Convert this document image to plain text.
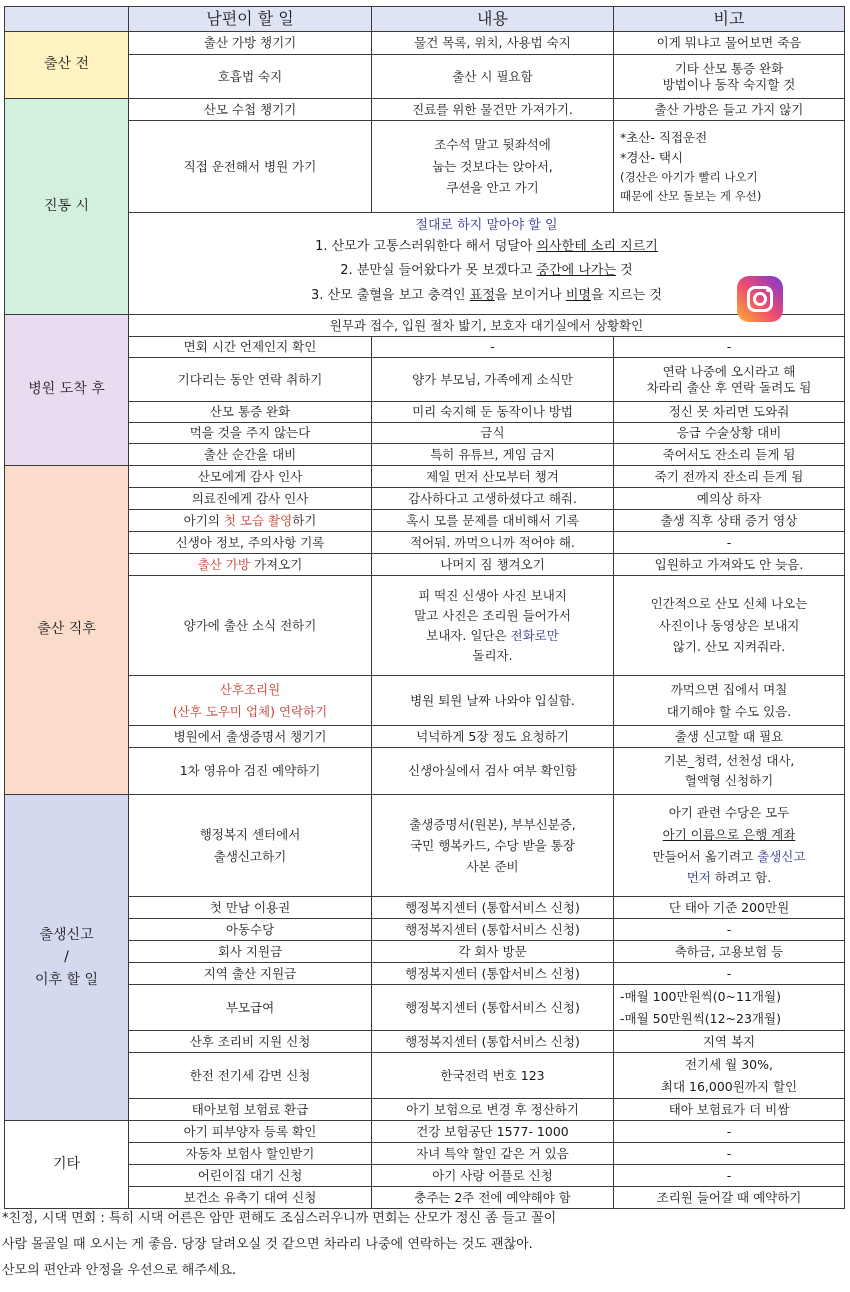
	남편이 할 일	내용	비고
출산 전	출산 가방 챙기기	물건 목록, 위치, 사용법 숙지	이게 뭐냐고 물어보면 죽음
	호흡법 숙지	출산 시 필요함	기타 산모 통증 완화
방법이나 동작 숙지할 것

진통 시	산모 수첩 챙기기	진료를 위한 물건만 가져가기.	출산 가방은 들고 가지 않기
	직접 운전해서 병원 가기	조수석 말고 뒷좌석에
눕는 것보다는 앉아서,
쿠션을 안고 가기	*초산- 직접운전
*경산- 택시
(경산은 아기가 빨리 나오기
때문에 산모 돌보는 게 우선)

	절대로 하지 말아야 할 일
1. 산모가 고통스러워한다 해서 덩달아 의사한테 소리 지르기
2. 분만실 들어왔다가 못 보겠다고 중간에 나가는 것
3. 산모 출혈을 보고 충격인 표정을 보이거나 비명을 지르는 것		

병원 도착 후	원무과 접수, 입원 절차 밟기, 보호자 대기실에서 상황확인		
	면회 시간 언제인지 확인	-	-
	기다리는 동안 연락 취하기	양가 부모님, 가족에게 소식만	연락 나중에 오시라고 해
차라리 출산 후 연락 돌려도 됨

	산모 통증 완화	미리 숙지해 둔 동작이나 방법	정신 못 차리면 도와줘
	먹을 것을 주지 않는다	금식	응급 수술상황 대비
	출산 순간을 대비	특히 유튜브, 게임 금지	죽어서도 잔소리 듣게 됨
출산 직후	산모에게 감사 인사	제일 먼저 산모부터 챙겨	죽기 전까지 잔소리 듣게 됨
	의료진에게 감사 인사	감사하다고 고생하셨다고 해줘.	예의상 하자
	아기의 첫 모습 촬영하기	혹시 모를 문제를 대비해서 기록	출생 직후 상태 증거 영상
	신생아 정보, 주의사항 기록	적어둬. 까먹으니까 적어야 해.	-
	출산 가방 가져오기	나머지 짐 챙겨오기	입원하고 가져와도 안 늦음.
	양가에 출산 소식 전하기	피 떡진 신생아 사진 보내지
말고 사진은 조리원 들어가서
보내자. 일단은 전화로만
돌리자.	인간적으로 산모 신체 나오는
사진이나 동영상은 보내지
않기. 산모 지켜줘라.

	산후조리원
(산후 도우미 업체) 연락하기	병원 퇴원 날짜 나와야 입실함.	까먹으면 집에서 며칠
대기해야 할 수도 있음.

	병원에서 출생증명서 챙기기	넉넉하게 5장 정도 요청하기	출생 신고할 때 필요
	1차 영유아 검진 예약하기	신생아실에서 검사 여부 확인함	기본_청력, 선천성 대사,
혈액형 신청하기

출생신고
/
이후 할 일	행정복지 센터에서
출생신고하기	출생증명서(원본), 부부신분증,
국민 행복카드, 수당 받을 통장
사본 준비	아기 관련 수당은 모두
아기 이름으로 은행 계좌
만들어서 옮기려고 출생신고
먼저 하려고 함.

	첫 만남 이용권	행정복지센터 (통합서비스 신청)	단 태아 기준 200만원
	아동수당	행정복지센터 (통합서비스 신청)	-
	회사 지원금	각 회사 방문	축하금, 고용보험 등
	지역 출산 지원금	행정복지센터 (통합서비스 신청)	-
	부모급여	행정복지센터 (통합서비스 신청)	-매월 100만원씩(0~11개월)
-매월 50만원씩(12~23개월)

	산후 조리비 지원 신청	행정복지센터 (통합서비스 신청)	지역 복지
	한전 전기세 감면 신청	한국전력 번호 123	전기세 월 30%,
최대 16,000원까지 할인

	태아보험 보험료 환급	아기 보험으로 변경 후 정산하기	태아 보험료가 더 비쌈
기타	아기 피부양자 등록 확인	건강 보험공단 1577- 1000	-
	자동차 보험사 할인받기	자녀 특약 할인 같은 거 있음	-
	어린이집 대기 신청	아기 사랑 어플로 신청	-
	보건소 유축기 대여 신청	충주는 2주 전에 예약해야 함	조리원 들어갈 때 예약하기
*친정, 시댁 면회 : 특히 시댁 어른은 암만 편해도 조심스러우니까 면회는 산모가 정신 좀 들고 꼴이
사람 몰골일 때 오시는 게 좋음. 당장 달려오실 것 같으면 차라리 나중에 연락하는 것도 괜찮아.
산모의 편안과 안정을 우선으로 해주세요.
